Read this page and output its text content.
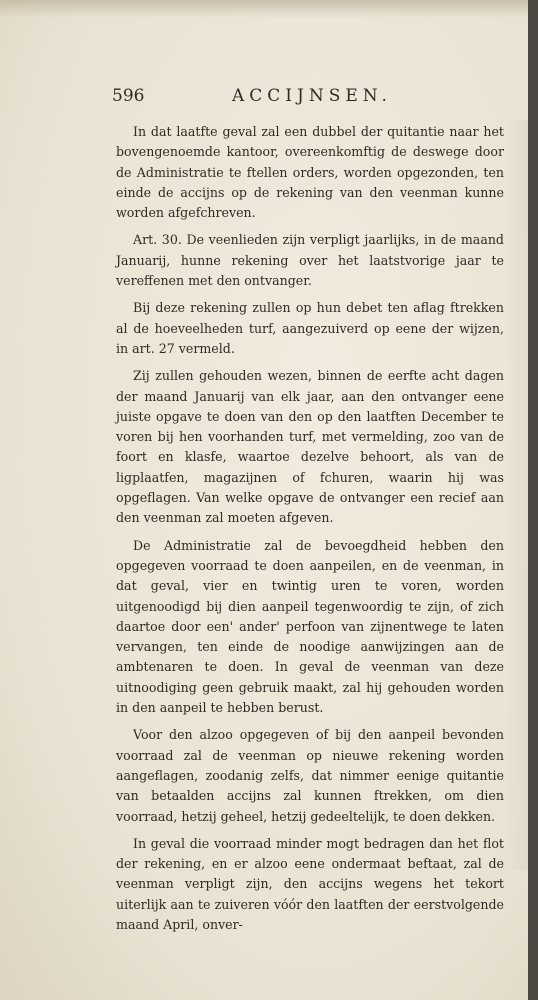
596	ACCIJNSEN.

In dat laatfte geval zal een dubbel der quitantie naar het bovengenoemde kantoor, overeenkomftig de deswege door de Administratie te ftellen orders, worden opgezonden, ten einde de accijns op de rekening van den veenman kunne worden afgefchreven.

Art. 30. De veenlieden zijn verpligt jaarlijks, in de maand Januarij, hunne rekening over het laatstvorige jaar te vereffenen met den ontvanger.

Bij deze rekening zullen op hun debet ten aflag ftrekken al de hoeveelheden turf, aangezuiverd op eene der wijzen, in art. 27 vermeld.

Zij zullen gehouden wezen, binnen de eerfte acht dagen der maand Januarij van elk jaar, aan den ontvanger eene juiste opgave te doen van den op den laatften December te voren bij hen voorhanden turf, met vermelding, zoo van de foort en klasfe, waartoe dezelve behoort, als van de ligplaatfen, magazijnen of fchuren, waarin hij was opgeflagen. Van welke opgave de ontvanger een recief aan den veenman zal moeten afgeven.

De Administratie zal de bevoegdheid hebben den opgegeven voorraad te doen aanpeilen, en de veenman, in dat geval, vier en twintig uren te voren, worden uitgenoodigd bij dien aanpeil tegenwoordig te zijn, of zich daartoe door een' ander' perfoon van zijnentwege te laten vervangen, ten einde de noodige aanwijzingen aan de ambtenaren te doen. In geval de veenman van deze uitnoodiging geen gebruik maakt, zal hij gehouden worden in den aanpeil te hebben berust.

Voor den alzoo opgegeven of bij den aanpeil bevonden voorraad zal de veenman op nieuwe rekening worden aangeflagen, zoodanig zelfs, dat nimmer eenige quitantie van betaalden accijns zal kunnen ftrekken, om dien voorraad, hetzij geheel, hetzij gedeeltelijk, te doen dekken.

In geval die voorraad minder mogt bedragen dan het flot der rekening, en er alzoo eene ondermaat beftaat, zal de veenman verpligt zijn, den accijns wegens het tekort uiterlijk aan te zuiveren vóór den laatften der eerstvolgende maand April, onver-
